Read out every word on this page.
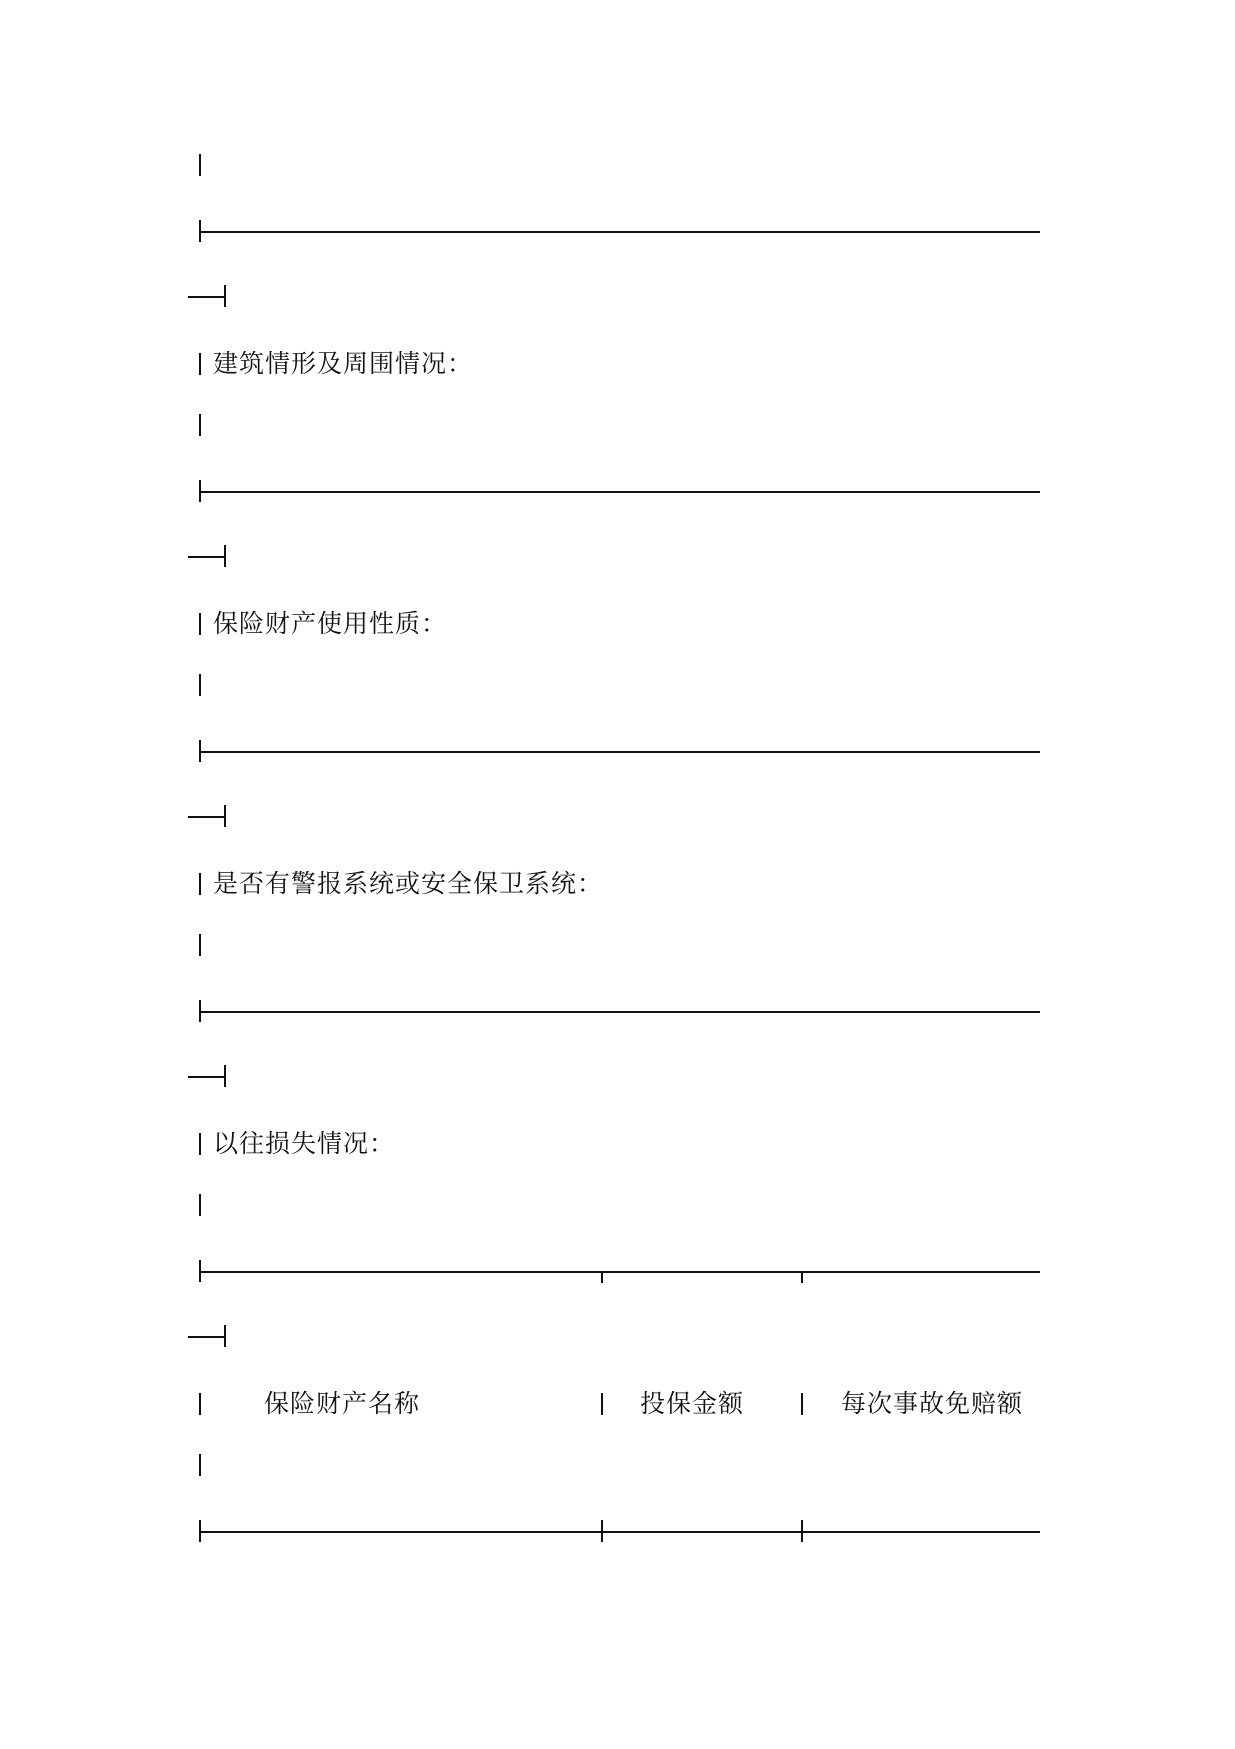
建筑情形及周围情况：
保险财产使用性质：
是否有警报系统或安全保卫系统：
以往损失情况：
保险财产名称	投保金额	每次事故免赔额
